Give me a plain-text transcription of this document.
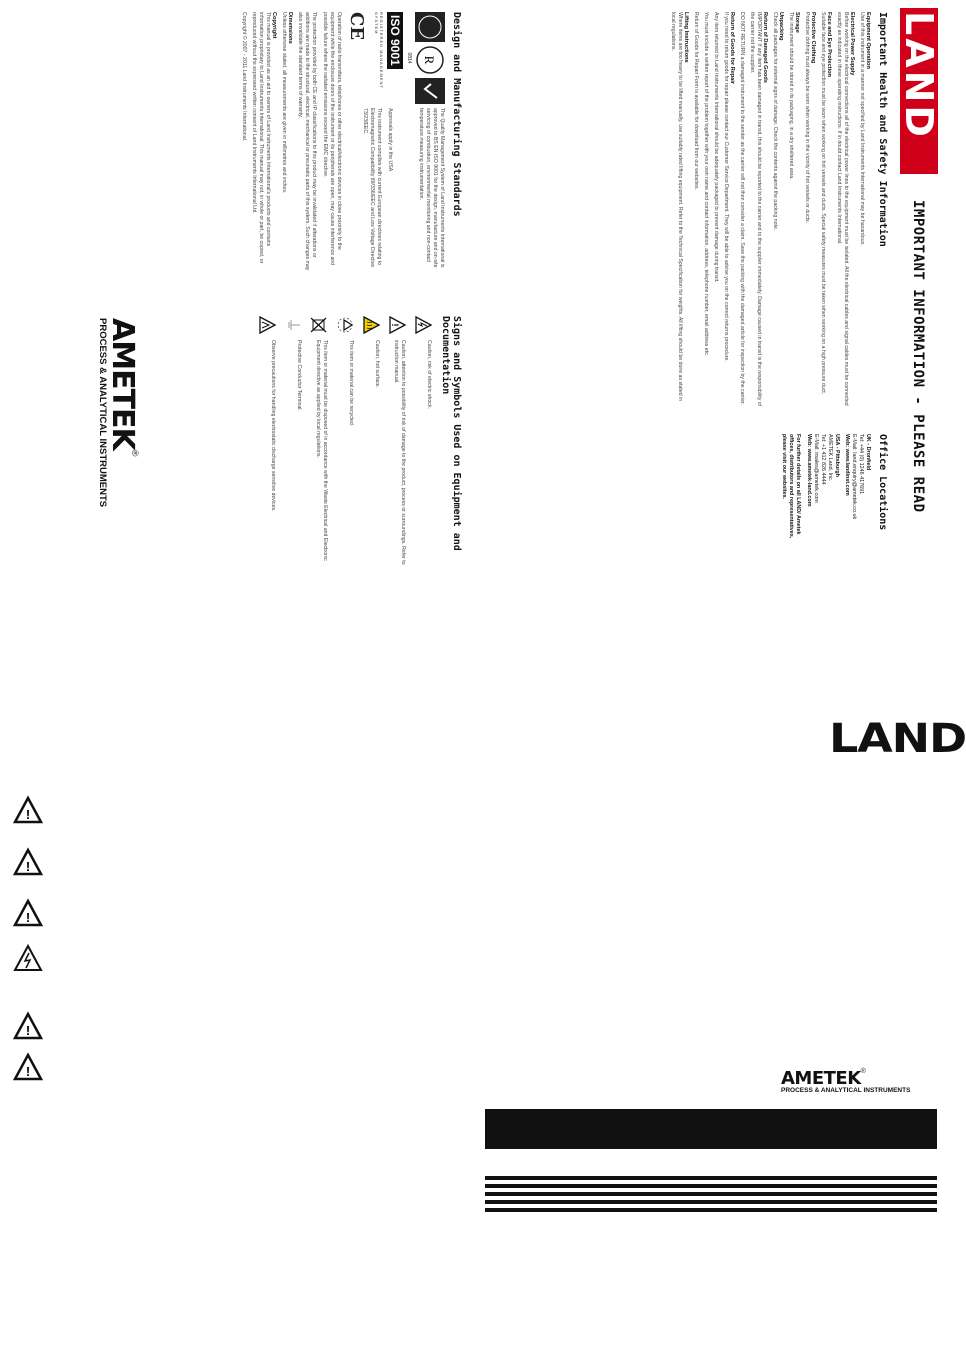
!
!
!
!
!
LAND
AMETEK®
PROCESS & ANALYTICAL INSTRUMENTS
LAND
IMPORTANT INFORMATION - PLEASE READ
Important Health and Safety Information
Equipment Operation
Use of this instrument in a manner not specified by Land Instruments International may be hazardous.
Electrical Power Supply
Before working on the electrical connections all of the electrical power lines to the equipment must be isolated. All the electrical cables and signal cables must be connected exactly as indicated in these operating instructions. If in doubt contact Land Instruments International.
Face and Eye Protection
Suitable face and eye protection must be worn when working on hot vessels and ducts. Special safety measures must be taken when working on a high pressure duct.
Protective Clothing
Protective clothing must always be worn when working in the vicinity of hot vessels or ducts.
Storage
The instrument should be stored in its packaging, in a dry sheltered area.
Unpacking
Check all packages for external signs of damage. Check the contents against the packing note.
Return of Damaged Goods
IMPORTANT If any item has been damaged in transit, this should be reported to the carrier and to the supplier immediately. Damage caused in transit is the responsibility of the carrier not the supplier.
DO NOT RETURN a damaged instrument to the sender as the carrier will not then consider a claim. Save the packing with the damaged article for inspection by the carrier.
Return of Goods for Repair
If you need to return goods for repair please contact our Customer Service Department. They will be able to advise you on the correct returns procedure.
Any item returned to Land Instruments International should be adequately packaged to prevent damage during transit.
You must include a written report of the problem together with your own name and contact information, address, telephone number, email address etc.
Return of Goods for Repair Form is available for download from our websites.
Lifting Instructions
Where items are too heavy to be lifted manually, use suitably rated lifting equipment. Refer to the Technical Specification for weights. All lifting should be done as stated in local regulations.
Office Locations
UK - Dronfield
Tel: +44 (0) 1246 417691
E-Mail: land.enquiry@ametek.co.uk
Web: www.landinst.com
USA - Pittsburgh
AMETEK Land, Inc.
Tel: +1 412 826 4444
E-Mail: irsales@ametek.com
Web: www.ametek-land.com
For further details on all LAND/ Ametek offices, distributors and representatives, please visit our websites.
Design and Manufacturing Standards
R
0814
ISO 9001
REGISTERED MANAGEMENT SYSTEM
CE
The Quality Management System of Land Instruments International is approved to BS EN ISO 9001 for the design, manufacture and on-site servicing of combustion, environmental monitoring and non-contact temperature measuring instrumentation.
Approvals apply in the USA
This instrument complies with current European directives relating to Electromagnetic Compatibility 89/336/EEC and Low Voltage Directive 73/23/EEC.
Operation of radio transmitters, telephones or other electrical/electronic devices in close proximity to the equipment while the enclosure doors of the instrument or its peripherals are open, may cause interference and possible failure where the radiated emissions exceed the EMC directive.
The protection provided by both CE and IP classifications to this product may be invalidated if alterations or additions are made to the structural, electrical, mechanical or pneumatic parts of this system. Such changes may also invalidate the standard terms of warranty.
Dimensions
Unless otherwise stated, all measurements are given in millimetres and inches.
Copyright
This manual is provided as an aid to owners of Land Instruments International's products and contains information proprietary to Land Instruments International. This manual may not, in whole or part, be copied, or reproduced without the expressed written consent of Land Instruments International Ltd.
Copyright © 2007 - 2011 Land Instruments International.
Signs and Symbols Used on Equipment and Documentation
Caution, risk of electric shock.
!
Caution, attention to possibility of risk of damage to the product, process or surroundings. Refer to instruction manual.
Caution, hot surface.
This item or material can be recycled.
This item or material must be disposed of in accordance with the Waste Electrical and Electronic Equipment directive as applied by local regulations.
Protective Conductor Terminal.
Observe precautions for handling electrostatic discharge sensitive devices.
AMETEK®
PROCESS & ANALYTICAL INSTRUMENTS
